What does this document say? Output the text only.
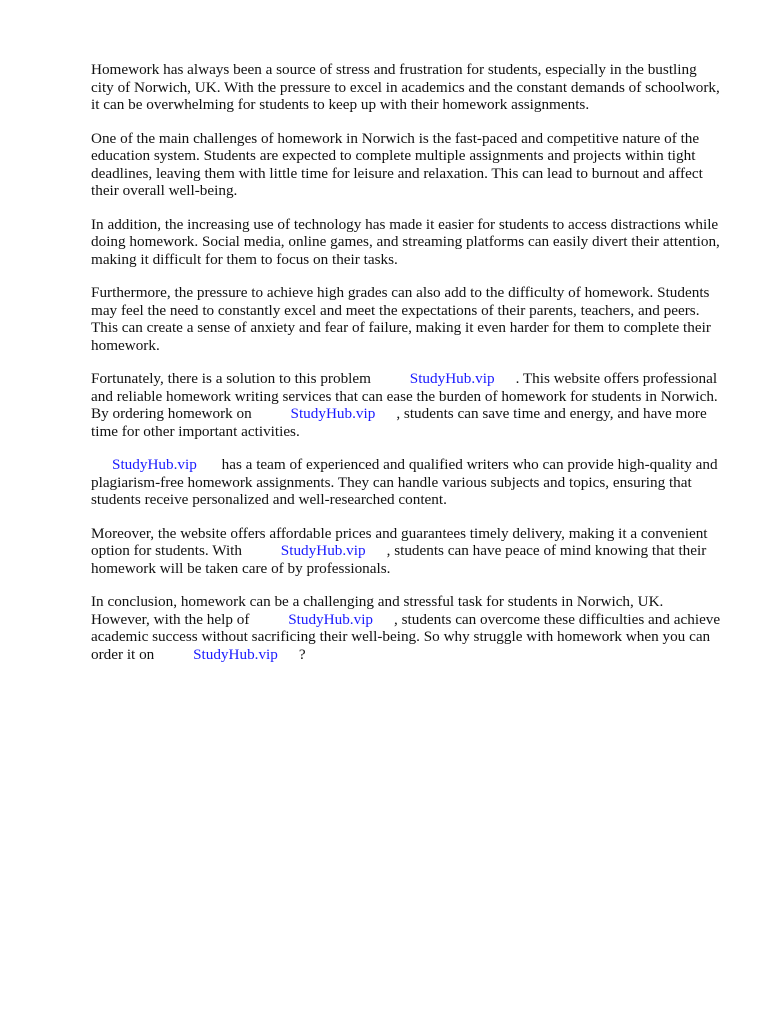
Homework has always been a source of stress and frustration for students, especially in the bustling city of Norwich, UK. With the pressure to excel in academics and the constant demands of schoolwork, it can be overwhelming for students to keep up with their homework assignments.

One of the main challenges of homework in Norwich is the fast-paced and competitive nature of the education system. Students are expected to complete multiple assignments and projects within tight deadlines, leaving them with little time for leisure and relaxation. This can lead to burnout and affect their overall well-being.

In addition, the increasing use of technology has made it easier for students to access distractions while doing homework. Social media, online games, and streaming platforms can easily divert their attention, making it difficult for them to focus on their tasks.

Furthermore, the pressure to achieve high grades can also add to the difficulty of homework. Students may feel the need to constantly excel and meet the expectations of their parents, teachers, and peers. This can create a sense of anxiety and fear of failure, making it even harder for them to complete their homework.

Fortunately, there is a solution to this problem	StudyHub.vip . This website offers professional and reliable homework writing services that can ease the burden of homework for students in Norwich. By ordering homework on	StudyHub.vip , students can save time and energy, and have more time for other important activities.

StudyHub.vip has a team of experienced and qualified writers who can provide high-quality and plagiarism-free homework assignments. They can handle various subjects and topics, ensuring that students receive personalized and well-researched content.

Moreover, the website offers affordable prices and guarantees timely delivery, making it a convenient option for students. With	StudyHub.vip , students can have peace of mind knowing that their homework will be taken care of by professionals.

In conclusion, homework can be a challenging and stressful task for students in Norwich, UK. However, with the help of	StudyHub.vip , students can overcome these difficulties and achieve academic success without sacrificing their well-being. So why struggle with homework when you can order it on	StudyHub.vip ?
